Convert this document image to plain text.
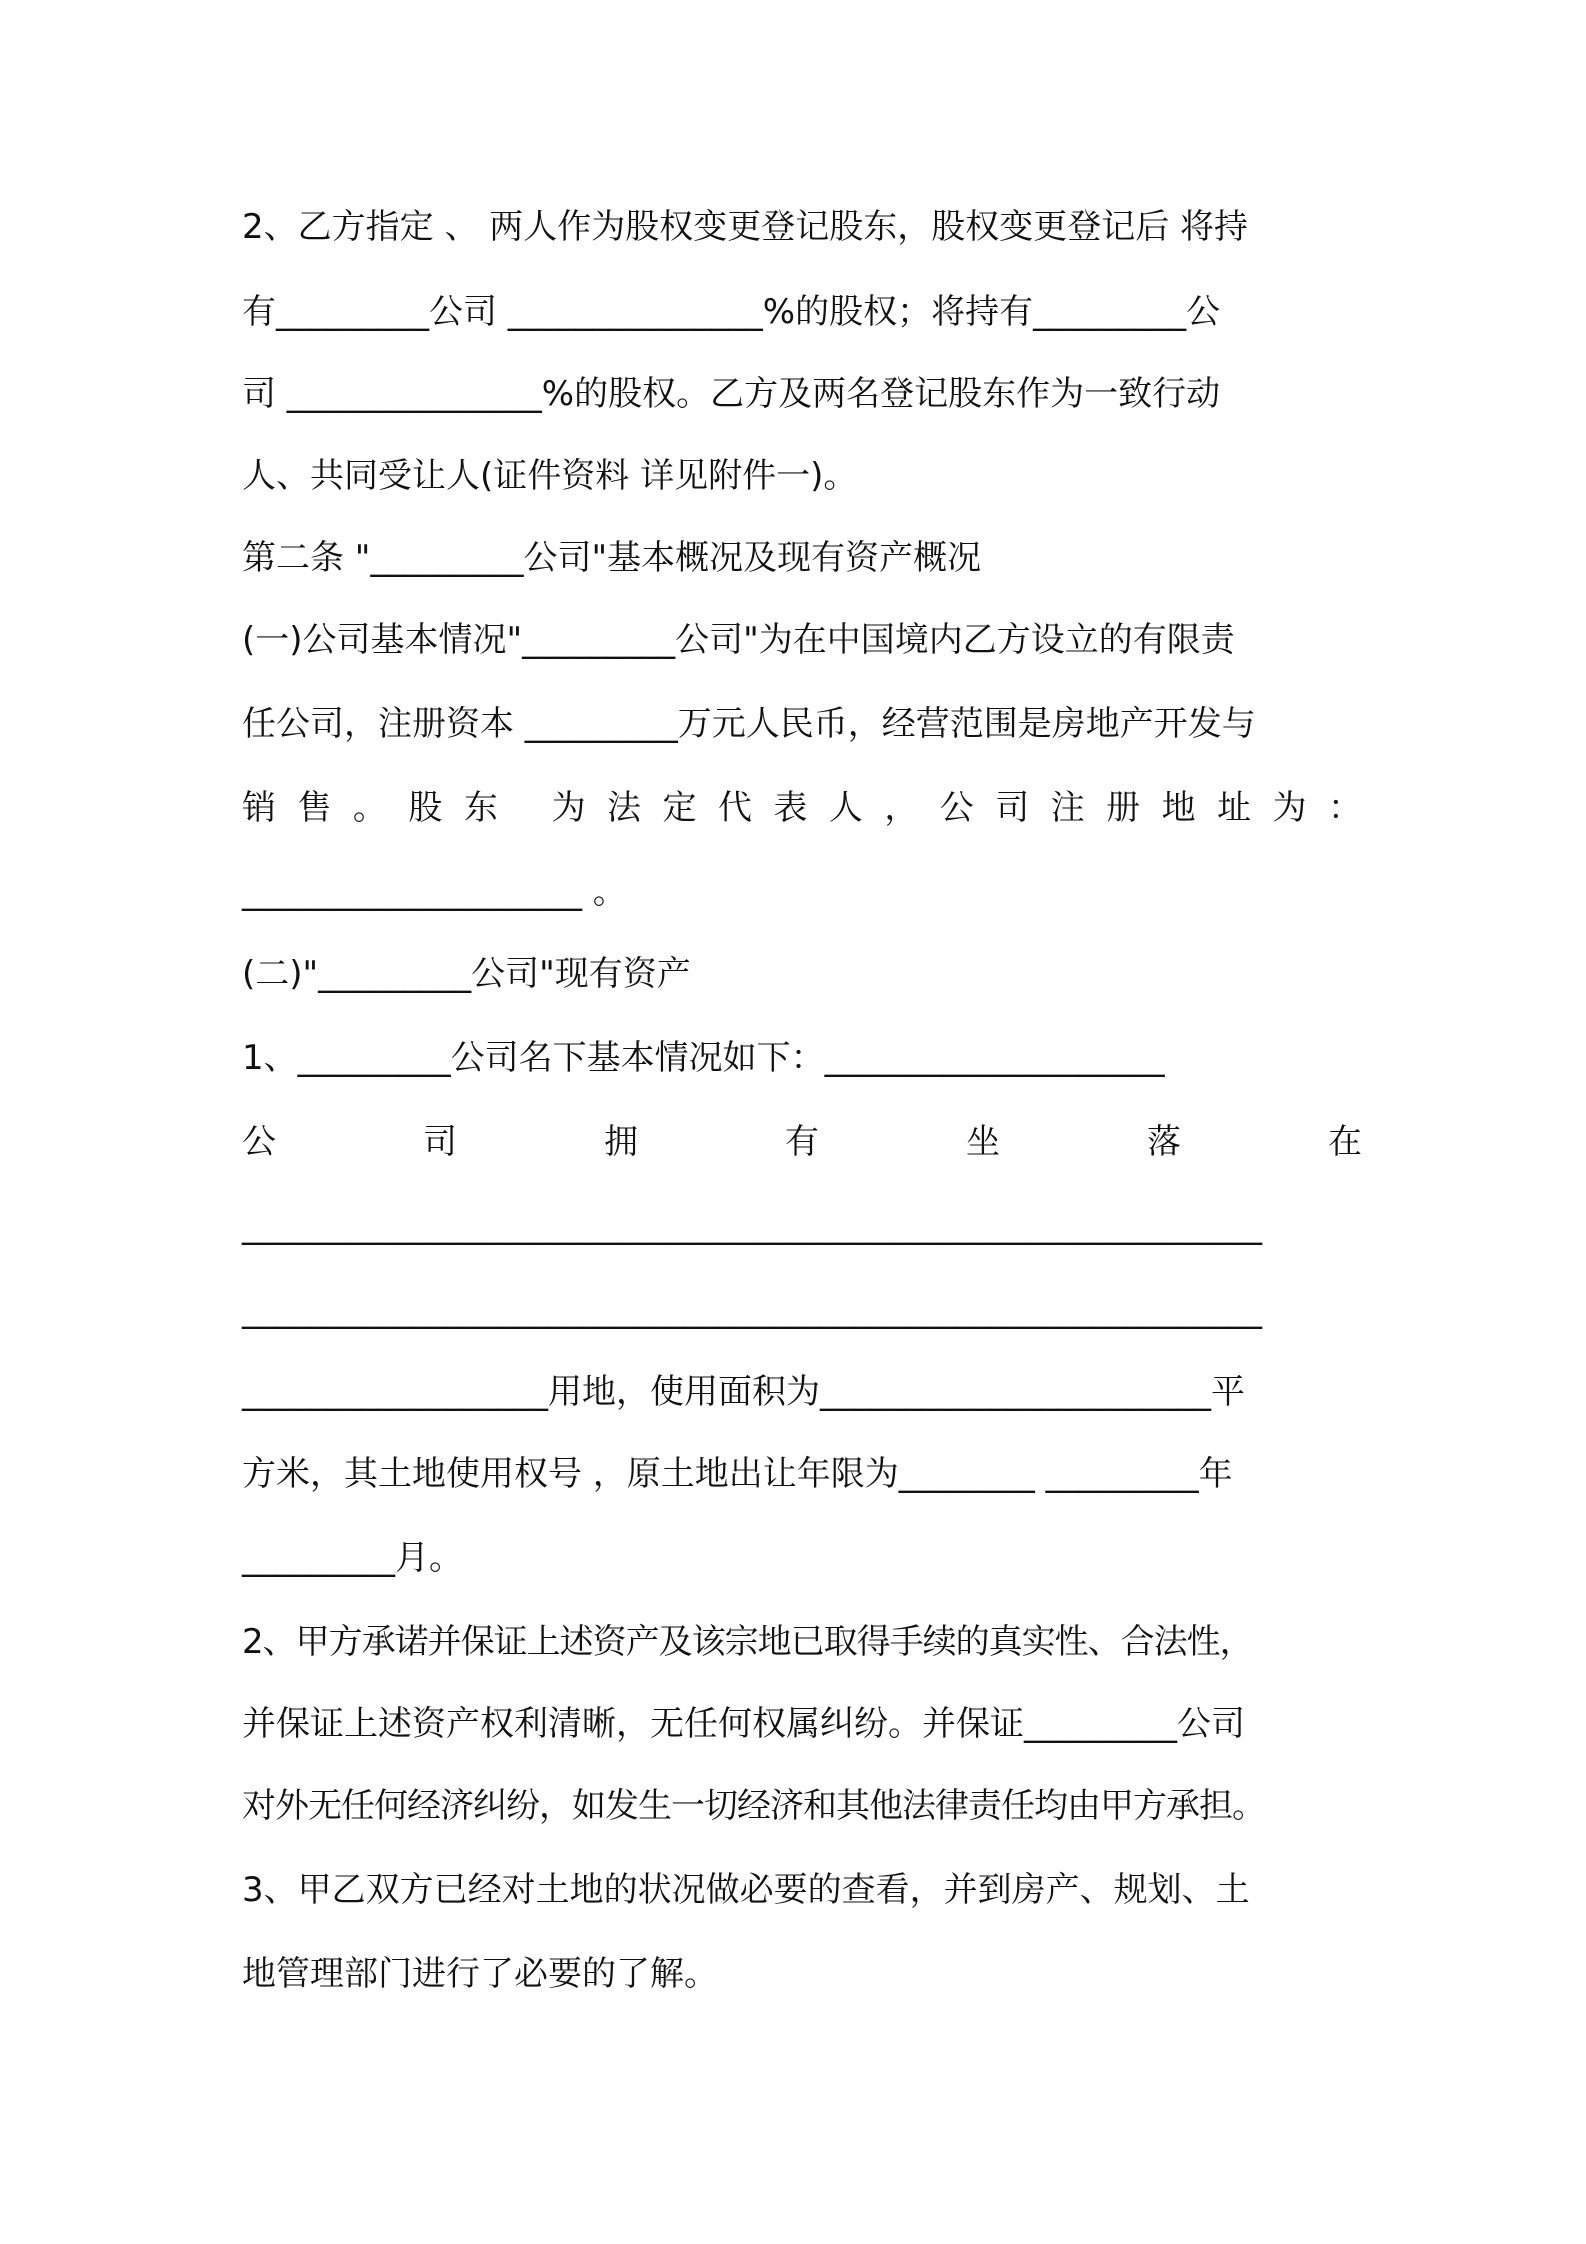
2、乙方指定 、 两人作为股权变更登记股东，股权变更登记后 将持
有_________公司 _______________%的股权；将持有_________公
司 _______________%的股权。乙方及两名登记股东作为一致行动
人、共同受让人(证件资料 详见附件一)。
第二条 "_________公司"基本概况及现有资产概况
(一)公司基本情况"_________公司"为在中国境内乙方设立的有限责
任公司，注册资本 _________万元人民币，经营范围是房地产开发与
销售。股东 为法定代表人，公司注册地址为：
____________________ 。
(二)"_________公司"现有资产
1、_________公司名下基本情况如下：____________________
公 司 拥 有 坐 落 在
____________________________________________________________
____________________________________________________________
__________________用地，使用面积为_______________________平
方米，其土地使用权号 ，原土地出让年限为________ _________年
_________月。
2、甲方承诺并保证上述资产及该宗地已取得手续的真实性、合法性，
并保证上述资产权利清晰，无任何权属纠纷。并保证_________公司
对外无任何经济纠纷，如发生一切经济和其他法律责任均由甲方承担。
3、甲乙双方已经对土地的状况做必要的查看，并到房产、规划、土
地管理部门进行了必要的了解。
